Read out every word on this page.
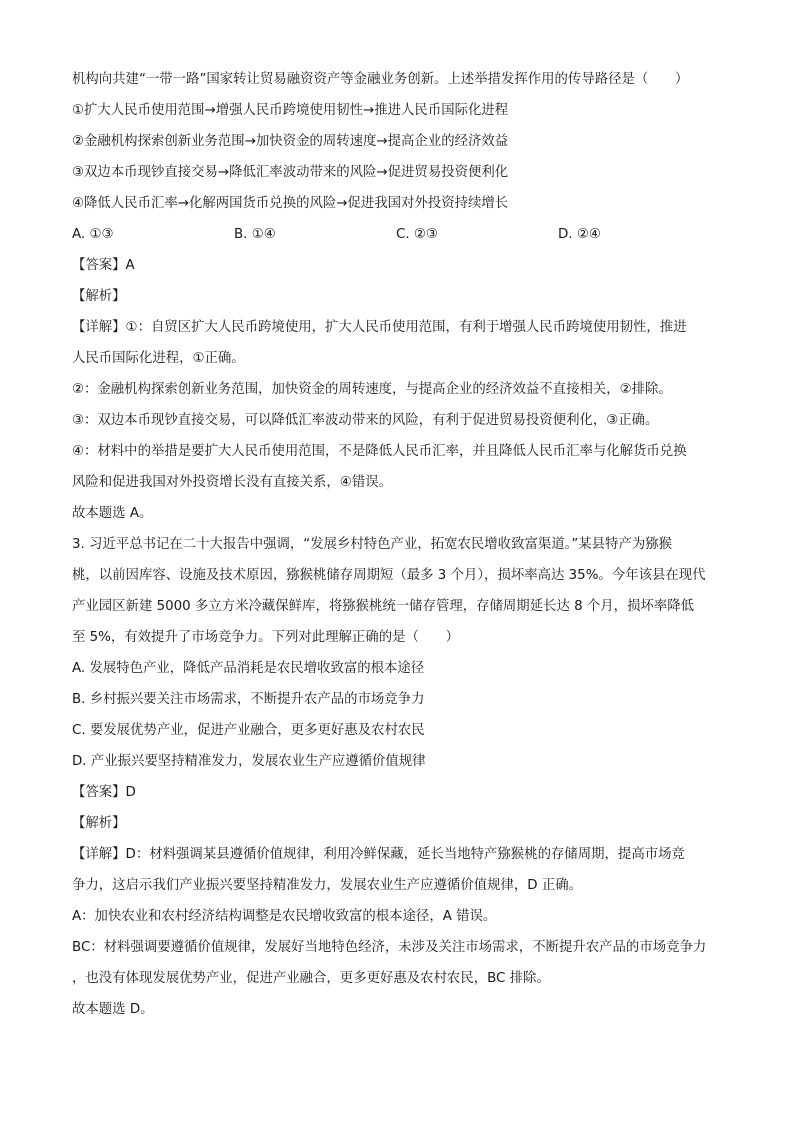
机构向共建“一带一路”国家转让贸易融资资产等金融业务创新。上述举措发挥作用的传导路径是（　　）
①扩大人民币使用范围→增强人民币跨境使用韧性→推进人民币国际化进程
②金融机构探索创新业务范围→加快资金的周转速度→提高企业的经济效益
③双边本币现钞直接交易→降低汇率波动带来的风险→促进贸易投资便利化
④降低人民币汇率→化解两国货币兑换的风险→促进我国对外投资持续增长
A. ①③	B. ①④	C. ②③	D. ②④
【答案】A
【解析】
【详解】①：自贸区扩大人民币跨境使用，扩大人民币使用范围，有利于增强人民币跨境使用韧性，推进
人民币国际化进程，①正确。
②：金融机构探索创新业务范围，加快资金的周转速度，与提高企业的经济效益不直接相关，②排除。
③：双边本币现钞直接交易，可以降低汇率波动带来的风险，有利于促进贸易投资便利化，③正确。
④：材料中的举措是要扩大人民币使用范围，不是降低人民币汇率，并且降低人民币汇率与化解货币兑换
风险和促进我国对外投资增长没有直接关系，④错误。
故本题选 A。
3. 习近平总书记在二十大报告中强调，“发展乡村特色产业，拓宽农民增收致富渠道。”某县特产为猕猴
桃，以前因库容、设施及技术原因，猕猴桃储存周期短（最多 3 个月），损坏率高达 35%。今年该县在现代
产业园区新建 5000 多立方米冷藏保鲜库，将猕猴桃统一储存管理，存储周期延长达 8 个月，损坏率降低
至 5%，有效提升了市场竞争力。下列对此理解正确的是（　　）
A. 发展特色产业，降低产品消耗是农民增收致富的根本途径
B. 乡村振兴要关注市场需求，不断提升农产品的市场竞争力
C. 要发展优势产业，促进产业融合，更多更好惠及农村农民
D. 产业振兴要坚持精准发力，发展农业生产应遵循价值规律
【答案】D
【解析】
【详解】D：材料强调某县遵循价值规律，利用冷鲜保藏，延长当地特产猕猴桃的存储周期，提高市场竞
争力，这启示我们产业振兴要坚持精准发力，发展农业生产应遵循价值规律，D 正确。
A：加快农业和农村经济结构调整是农民增收致富的根本途径，A 错误。
BC：材料强调要遵循价值规律，发展好当地特色经济，未涉及关注市场需求，不断提升农产品的市场竞争力
，也没有体现发展优势产业，促进产业融合，更多更好惠及农村农民，BC 排除。
故本题选 D。
